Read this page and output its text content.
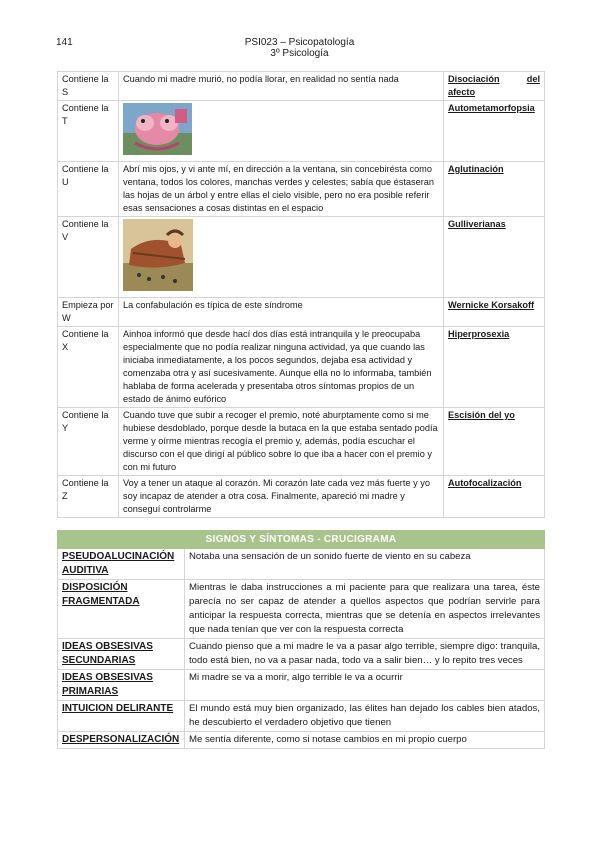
141	PSI023 – Psicopatología
3º Psicología
Contiene la S	Cuando mi madre murió, no podía llorar, en realidad no sentía nada	Disociación del
afecto
Contiene la T		Autometamorfopsia
Contiene la U	Abrí mis ojos, y vi ante mí, en dirección a la ventana, sin concebirésta como ventana, todos los colores, manchas verdes y celestes; sabía que éstaseran las hojas de un árbol y entre ellas el cielo visible, pero no era posible referir esas sensaciones a cosas distintas en el espacio	Aglutinación
Contiene la V		Gulliverianas
Empieza por W	La confabulación es típica de este síndrome	Wernicke Korsakoff
Contiene la X	Ainhoa informó que desde hací dos días está intranquila y le preocupaba especialmente que no podía realizar ninguna actividad, ya que cuando las iniciaba inmediatamente, a los pocos segundos, dejaba esa actividad y comenzaba otra y así sucesivamente. Aunque ella no lo informaba, también hablaba de forma acelerada y presentaba otros síntomas propios de un estado de ánimo eufórico	Hiperprosexia
Contiene la Y	Cuando tuve que subir a recoger el premio, noté aburptamente como si me hubiese desdoblado, porque desde la butaca en la que estaba sentado podía verme y oírme mientras recogía el premio y, además, podía escuchar el discurso con el que dirigí al público sobre lo que iba a hacer con el premio y con mi futuro	Escisión del yo
Contiene la Z	Voy a tener un ataque al corazón. Mi corazón late cada vez más fuerte y yo soy incapaz de atender a otra cosa. Finalmente, apareció mi madre y conseguí controlarme	Autofocalización
SIGNOS Y SÍNTOMAS - CRUCIGRAMA	
PSEUDOALUCINACIÓN AUDITIVA	Notaba una sensación de un sonido fuerte de viento en su cabeza
DISPOSICIÓN FRAGMENTADA	Mientras le daba instrucciones a mi paciente para que realizara una tarea, éste parecía no ser capaz de atender a quellos aspectos que podrían servirle para anticipar la respuesta correcta, mientras que se detenía en aspectos irrelevantes que nada tenían que ver con la respuesta correcta
IDEAS OBSESIVAS SECUNDARIAS	Cuando pienso que a mi madre le va a pasar algo terrible, siempre digo: tranquila, todo está bien, no va a pasar nada, todo va a salir bien… y lo repito tres veces
IDEAS OBSESIVAS PRIMARIAS	Mi madre se va a morir, algo terrible le va a ocurrir
INTUICION DELIRANTE	El mundo está muy bien organizado, las élites han dejado los cables bien atados, he descubierto el verdadero objetivo que tienen
DESPERSONALIZACIÓN	Me sentía diferente, como si notase cambios en mi propio cuerpo
